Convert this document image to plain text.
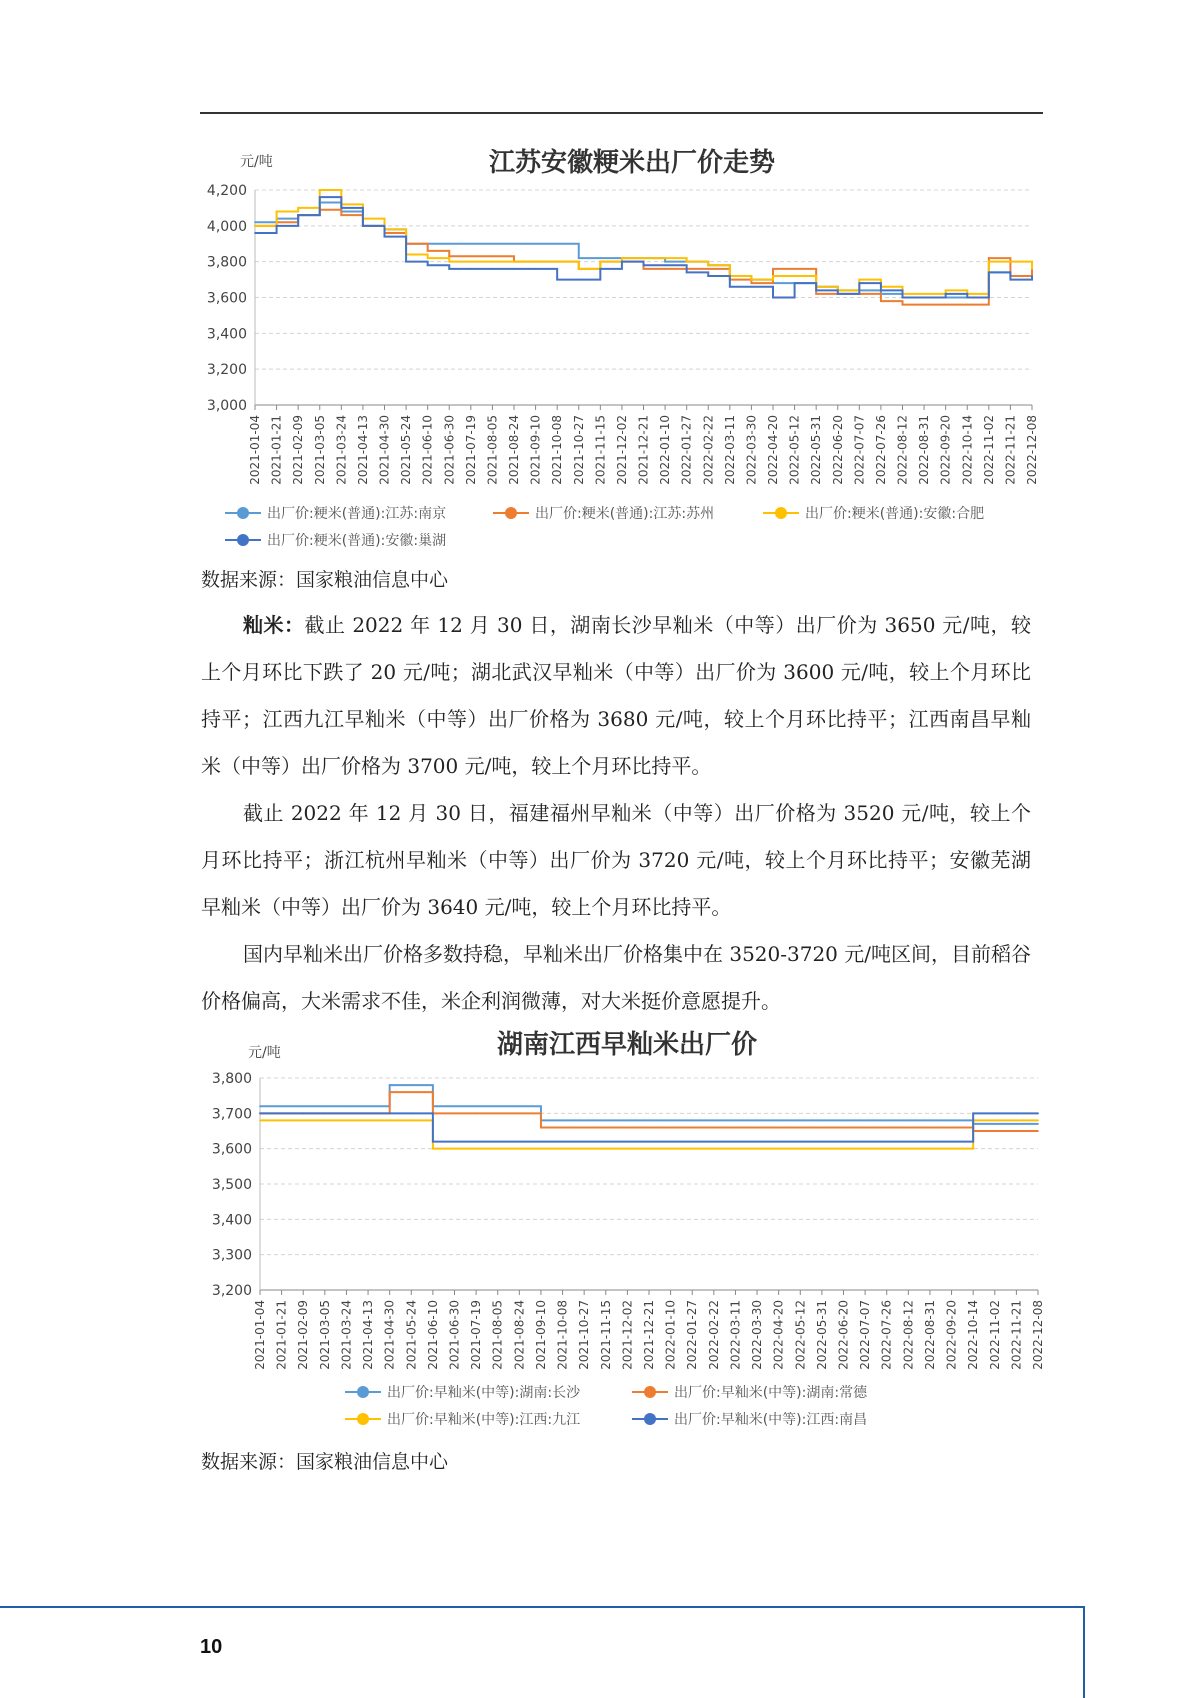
江苏安徽粳米出厂价走势
元/吨
4,200
4,000
3,800
3,600
3,400
3,200
3,000
2021-01-04 2021-01-21 2021-02-09 2021-03-05 2021-03-24 2021-04-13 2021-04-30 2021-05-24 2021-06-10 2021-06-30 2021-07-19 2021-08-05 2021-08-24 2021-09-10 2021-10-08 2021-10-27 2021-11-15 2021-12-02 2021-12-21 2022-01-10 2022-01-27 2022-02-22 2022-03-11 2022-03-30 2022-04-20 2022-05-12 2022-05-31 2022-06-20 2022-07-07 2022-07-26 2022-08-12 2022-08-31 2022-09-20 2022-10-14 2022-11-02 2022-11-21 2022-12-08
出厂价:粳米(普通):江苏:南京	出厂价:粳米(普通):江苏:苏州	出厂价:粳米(普通):安徽:合肥
出厂价:粳米(普通):安徽:巢湖
数据来源：国家粮油信息中心

籼米：截止 2022 年 12 月 30 日，湖南长沙早籼米（中等）出厂价为 3650 元/吨，较上个月环比下跌了 20 元/吨；湖北武汉早籼米（中等）出厂价为 3600 元/吨，较上个月环比持平；江西九江早籼米（中等）出厂价格为 3680 元/吨，较上个月环比持平；江西南昌早籼米（中等）出厂价格为 3700 元/吨，较上个月环比持平。

截止 2022 年 12 月 30 日，福建福州早籼米（中等）出厂价格为 3520 元/吨，较上个月环比持平；浙江杭州早籼米（中等）出厂价为 3720 元/吨，较上个月环比持平；安徽芜湖早籼米（中等）出厂价为 3640 元/吨，较上个月环比持平。

国内早籼米出厂价格多数持稳，早籼米出厂价格集中在 3520-3720 元/吨区间，目前稻谷价格偏高，大米需求不佳，米企利润微薄，对大米挺价意愿提升。

湖南江西早籼米出厂价
元/吨
3,800
3,700
3,600
3,500
3,400
3,300
3,200
2021-01-04 2021-01-21 2021-02-09 2021-03-05 2021-03-24 2021-04-13 2021-04-30 2021-05-24 2021-06-10 2021-06-30 2021-07-19 2021-08-05 2021-08-24 2021-09-10 2021-10-08 2021-10-27 2021-11-15 2021-12-02 2021-12-21 2022-01-10 2022-01-27 2022-02-22 2022-03-11 2022-03-30 2022-04-20 2022-05-12 2022-05-31 2022-06-20 2022-07-07 2022-07-26 2022-08-12 2022-08-31 2022-09-20 2022-10-14 2022-11-02 2022-11-21 2022-12-08
出厂价:早籼米(中等):湖南:长沙	出厂价:早籼米(中等):湖南:常德
出厂价:早籼米(中等):江西:九江	出厂价:早籼米(中等):江西:南昌
数据来源：国家粮油信息中心
10
